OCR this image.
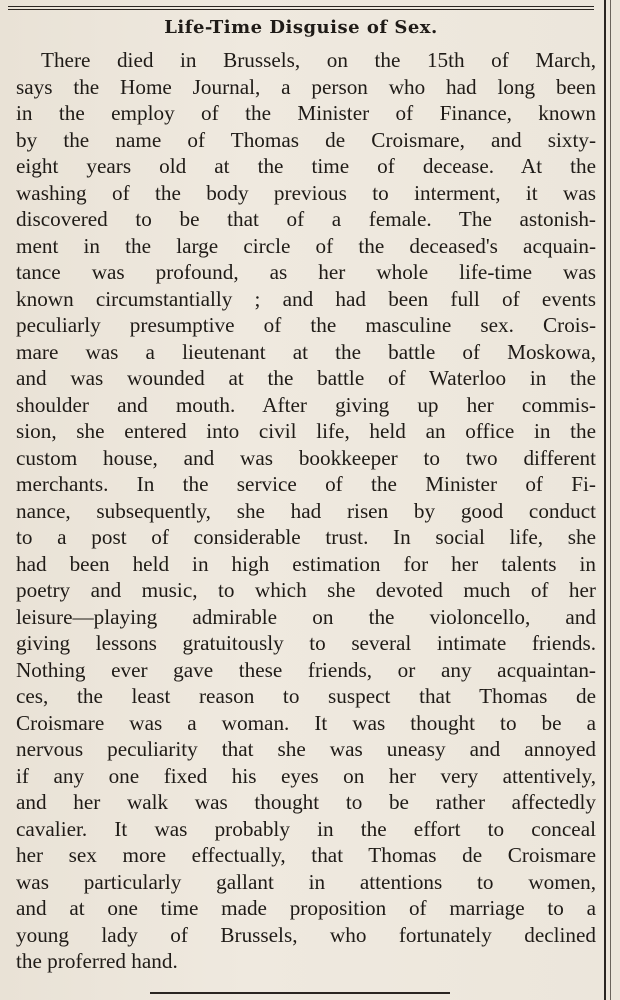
Life-Time Disguise of Sex.
There died in Brussels, on the 15th of March,
says the Home Journal, a person who had long been
in the employ of the Minister of Finance, known
by the name of Thomas de Croismare, and sixty-
eight years old at the time of decease. At the
washing of the body previous to interment, it was
discovered to be that of a female. The astonish-
ment in the large circle of the deceased's acquain-
tance was profound, as her whole life-time was
known circumstantially ; and had been full of events
peculiarly presumptive of the masculine sex. Crois-
mare was a lieutenant at the battle of Moskowa,
and was wounded at the battle of Waterloo in the
shoulder and mouth. After giving up her commis-
sion, she entered into civil life, held an office in the
custom house, and was bookkeeper to two different
merchants. In the service of the Minister of Fi-
nance, subsequently, she had risen by good conduct
to a post of considerable trust. In social life, she
had been held in high estimation for her talents in
poetry and music, to which she devoted much of her
leisure—playing admirable on the violoncello, and
giving lessons gratuitously to several intimate friends.
Nothing ever gave these friends, or any acquaintan-
ces, the least reason to suspect that Thomas de
Croismare was a woman. It was thought to be a
nervous peculiarity that she was uneasy and annoyed
if any one fixed his eyes on her very attentively,
and her walk was thought to be rather affectedly
cavalier. It was probably in the effort to conceal
her sex more effectually, that Thomas de Croismare
was particularly gallant in attentions to women,
and at one time made proposition of marriage to a
young lady of Brussels, who fortunately declined
the proferred hand.
